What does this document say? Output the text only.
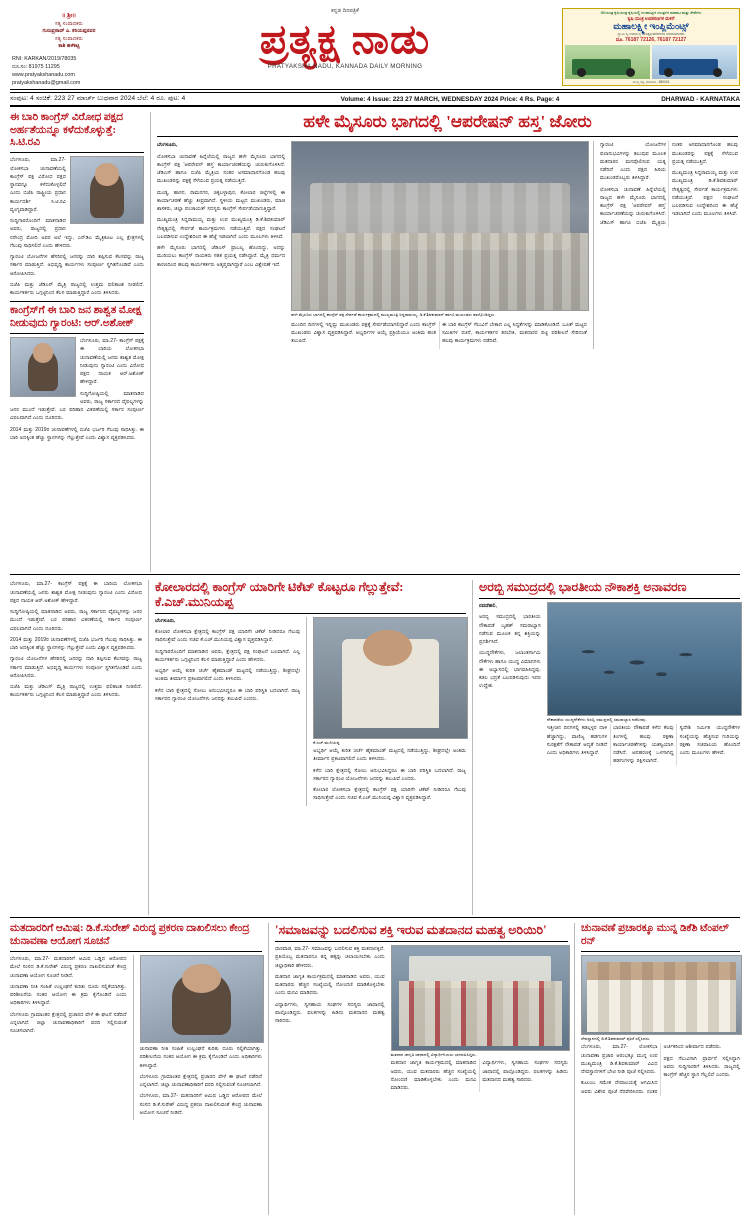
॥ ಶ್ರೀ॥
ಸತ್ಯ ಸಂಪಾದಕರು
ಗುರುಪ್ರಸಾದ್ ಎ. ಕರಿಯಪ್ಪನವರ
ಸತ್ಯ ಸಂಪಾದಕರು
ಕಾಶಿ ಹಳೆಕಟ್ಟಿ
RNI: KARKAN/2019/78035
ದೂ.ಸಂ: 81975 11295
www.pratyakshanadu.com
pratyakshanadu@gmail.com
ಕನ್ನಡ ದಿನಪತ್ರಿಕೆ
ಪ್ರತ್ಯಕ್ಷ ನಾಡು
PRATYAKSHA NADU, KANNADA DAILY MORNING
ಅನಿಯಂತ್ರ ಕೃಷಿಯಂತ್ರ ಕೃಷಿಯಲ್ಲಿ ಗುಣಮಟ್ಟದ ಯಂತ್ರಗಳ ಮಾರಾಟ ಮತ್ತು ಸೇವೆಗಳು
ಕೃಷಿ ಯಂತ್ರ ಉಪಕರಣಗಳ ಮಳಿಗೆ
ಮಹಾಲಕ್ಷ್ಮೀ ಇಂಪ್ಲಿಮೆಂಟ್ಸ್
ಸ್ವಾಮಿ ಸ್ವ ಅವಾದ ಸ್ಥ ಯಂತ್ರೋಪಕರಣಗಳ ಮಾರಾಟಗಾರರು
ದೂ. 76187 72126, 76187 72127
ಮುಖ್ಯ ರಸ್ತೆ, ಧಾರವಾಡ - 580001
ಸಂಪುಟ: 4 ಸಂಚಿಕೆ: 223 27 ಮಾರ್ಚ್ ಬುಧವಾರ 2024 ಬೆಲೆ: 4 ರೂ. ಪುಟ: 4	Volume: 4 Issue: 223 27 MARCH, WEDNESDAY 2024 Price: 4 Rs. Page: 4	DHARWAD - KARNATAKA
ಈ ಬಾರಿ ಕಾಂಗ್ರೆಸ್ ವಿರೋಧ ಪಕ್ಷದ ಅರ್ಹತೆಯನ್ನೂ ಕಳೆದುಕೊಳ್ಳುತ್ತೆ: ಸಿ.ಟಿ.ರವಿ

ಬೆಂಗಳೂರು, ಮಾ.27- ಲೋಕಸಭಾ ಚುನಾವಣೆಯಲ್ಲಿ ಕಾಂಗ್ರೆಸ್ ಪಕ್ಷ ವಿರೋಧ ಪಕ್ಷದ ಸ್ಥಾನವನ್ನೂ ಕಳೆದುಕೊಳ್ಳಲಿದೆ ಎಂದು ಬಿಜೆಪಿ ರಾಷ್ಟ್ರೀಯ ಪ್ರಧಾನ ಕಾರ್ಯದರ್ಶಿ ಸಿ.ಟಿ.ರವಿ ವ್ಯಂಗ್ಯವಾಡಿದ್ದಾರೆ.

ಸುದ್ದಿಗಾರರೊಂದಿಗೆ ಮಾತನಾಡಿದ ಅವರು, ರಾಜ್ಯದಲ್ಲಿ ಪ್ರಧಾನಿ ನರೇಂದ್ರ ಮೋದಿ ಅವರ ಅಲೆ ಇದ್ದು, ಎನ್‌ಡಿಎ ಮೈತ್ರಿಕೂಟ ಎಲ್ಲ ಕ್ಷೇತ್ರಗಳಲ್ಲಿ ಗೆಲುವು ಸಾಧಿಸಲಿದೆ ಎಂದು ಹೇಳಿದರು.

ಗ್ಯಾರಂಟಿ ಯೋಜನೆಗಳ ಹೆಸರಿನಲ್ಲಿ ಜನರನ್ನು ದಾರಿ ತಪ್ಪಿಸುವ ಕೆಲಸವನ್ನು ರಾಜ್ಯ ಸರ್ಕಾರ ಮಾಡುತ್ತಿದೆ. ಅಭಿವೃದ್ಧಿ ಕಾರ್ಯಗಳು ಸಂಪೂರ್ಣ ಸ್ಥಗಿತಗೊಂಡಿವೆ ಎಂದು ಆರೋಪಿಸಿದರು.

ಬಿಜೆಪಿ ಮತ್ತು ಜೆಡಿಎಸ್ ಮೈತ್ರಿ ರಾಜ್ಯದಲ್ಲಿ ಉತ್ತಮ ಫಲಿತಾಂಶ ನೀಡಲಿದೆ. ಕಾರ್ಯಕರ್ತರು ಒಗ್ಗಟ್ಟಿನಿಂದ ಕೆಲಸ ಮಾಡುತ್ತಿದ್ದಾರೆ ಎಂದು ತಿಳಿಸಿದರು.

ಕಾಂಗ್ರೆಸ್‌ಗೆ ಈ ಬಾರಿ ಜನ ಶಾಶ್ವತ ಮೋಕ್ಷ ನೀಡುವುದು ಗ್ಯಾರಂಟಿ: ಆರ್.ಅಶೋಕ್

ಬೆಂಗಳೂರು, ಮಾ.27- ಕಾಂಗ್ರೆಸ್ ಪಕ್ಷಕ್ಕೆ ಈ ಬಾರಿಯ ಲೋಕಸಭಾ ಚುನಾವಣೆಯಲ್ಲಿ ಜನರು ಶಾಶ್ವತ ಮೋಕ್ಷ ನೀಡುವುದು ಗ್ಯಾರಂಟಿ ಎಂದು ವಿರೋಧ ಪಕ್ಷದ ನಾಯಕ ಆರ್.ಅಶೋಕ್ ಹೇಳಿದ್ದಾರೆ.

ಸುದ್ದಿಗೋಷ್ಠಿಯಲ್ಲಿ ಮಾತನಾಡಿದ ಅವರು, ರಾಜ್ಯ ಸರ್ಕಾರದ ವೈಫಲ್ಯಗಳನ್ನು ಜನರ ಮುಂದೆ ಇಡುತ್ತೇವೆ. ಬರ ಪರಿಹಾರ ವಿತರಣೆಯಲ್ಲಿ ಸರ್ಕಾರ ಸಂಪೂರ್ಣ ವಿಫಲವಾಗಿದೆ ಎಂದು ದೂರಿದರು.

2014 ಮತ್ತು 2019ರ ಚುನಾವಣೆಗಳಲ್ಲಿ ಬಿಜೆಪಿ ಭರ್ಜರಿ ಗೆಲುವು ಸಾಧಿಸಿತ್ತು. ಈ ಬಾರಿ ಅದಕ್ಕಿಂತ ಹೆಚ್ಚು ಸ್ಥಾನಗಳನ್ನು ಗೆಲ್ಲುತ್ತೇವೆ ಎಂದು ವಿಶ್ವಾಸ ವ್ಯಕ್ತಪಡಿಸಿದರು.

ಹಳೇ ಮೈಸೂರು ಭಾಗದಲ್ಲಿ 'ಆಪರೇಷನ್ ಹಸ್ತ' ಜೋರು

ಬೆಂಗಳೂರು,

ಲೋಕಸಭಾ ಚುನಾವಣೆ ಹಿನ್ನೆಲೆಯಲ್ಲಿ ರಾಜ್ಯದ ಹಳೇ ಮೈಸೂರು ಭಾಗದಲ್ಲಿ ಕಾಂಗ್ರೆಸ್ ಪಕ್ಷ 'ಆಪರೇಷನ್ ಹಸ್ತ' ಕಾರ್ಯಾಚರಣೆಯನ್ನು ಚುರುಕುಗೊಳಿಸಿದೆ. ಜೆಡಿಎಸ್ ಹಾಗೂ ಬಿಜೆಪಿ ಮೈತ್ರಿಯ ನಂತರ ಅಸಮಾಧಾನಗೊಂಡ ಹಲವು ಮುಖಂಡರನ್ನು ಪಕ್ಷಕ್ಕೆ ಸೆಳೆಯುವ ಪ್ರಯತ್ನ ನಡೆಯುತ್ತಿದೆ.

ಮಂಡ್ಯ, ಹಾಸನ, ರಾಮನಗರ, ಚಿಕ್ಕಬಳ್ಳಾಪುರ, ಕೋಲಾರ ಜಿಲ್ಲೆಗಳಲ್ಲಿ ಈ ಕಾರ್ಯಾಚರಣೆ ಹೆಚ್ಚು ತೀವ್ರವಾಗಿದೆ. ಸ್ಥಳೀಯ ಮಟ್ಟದ ಮುಖಂಡರು, ಮಾಜಿ ಶಾಸಕರು, ಜಿಲ್ಲಾ ಪಂಚಾಯತ್ ಸದಸ್ಯರು ಕಾಂಗ್ರೆಸ್ ಸೇರ್ಪಡೆಯಾಗುತ್ತಿದ್ದಾರೆ.

ಮುಖ್ಯಮಂತ್ರಿ ಸಿದ್ದರಾಮಯ್ಯ ಮತ್ತು ಉಪ ಮುಖ್ಯಮಂತ್ರಿ ಡಿ.ಕೆ.ಶಿವಕುಮಾರ್ ನೇತೃತ್ವದಲ್ಲಿ ಸೇರ್ಪಡೆ ಕಾರ್ಯಕ್ರಮಗಳು ನಡೆಯುತ್ತಿವೆ. ಪಕ್ಷದ ಸಂಘಟನೆ ಬಲಪಡಿಸುವ ಉದ್ದೇಶದಿಂದ ಈ ಹೆಜ್ಜೆ ಇಡಲಾಗಿದೆ ಎಂದು ಮೂಲಗಳು ತಿಳಿಸಿವೆ.

ಹಳೇ ಮೈಸೂರು ಭಾಗದಲ್ಲಿ ಜೆಡಿಎಸ್ ಪ್ರಾಬಲ್ಯ ಹೊಂದಿದ್ದು, ಅದನ್ನು ಮುರಿಯಲು ಕಾಂಗ್ರೆಸ್ ನಾಯಕರು ಸತತ ಪ್ರಯತ್ನ ನಡೆಸಿದ್ದಾರೆ. ಮೈತ್ರಿ ಧರ್ಮದ ಕಾರಣದಿಂದ ಹಲವು ಕಾರ್ಯಕರ್ತರು ಅತೃಪ್ತರಾಗಿದ್ದಾರೆ ಎಂಬ ವಿಶ್ಲೇಷಣೆ ಇದೆ.

ಹಳೇ ಮೈಸೂರು ಭಾಗದಲ್ಲಿ ಕಾಂಗ್ರೆಸ್ ಪಕ್ಷ ಸೇರ್ಪಡೆ ಕಾರ್ಯಕ್ರಮದಲ್ಲಿ ಮುಖ್ಯಮಂತ್ರಿ ಸಿದ್ದರಾಮಯ್ಯ, ಡಿ.ಕೆ.ಶಿವಕುಮಾರ್ ಹಾಗೂ ಮುಖಂಡರು ಪಾಲ್ಗೊಂಡಿದ್ದರು.

ಮುಂದಿನ ದಿನಗಳಲ್ಲಿ ಇನ್ನಷ್ಟು ಮುಖಂಡರು ಪಕ್ಷಕ್ಕೆ ಸೇರ್ಪಡೆಯಾಗಲಿದ್ದಾರೆ ಎಂದು ಕಾಂಗ್ರೆಸ್ ಮುಖಂಡರು ವಿಶ್ವಾಸ ವ್ಯಕ್ತಪಡಿಸಿದ್ದಾರೆ. ಅಭ್ಯರ್ಥಿಗಳ ಆಯ್ಕೆ ಪ್ರಕ್ರಿಯೆಯೂ ಅಂತಿಮ ಹಂತ ತಲುಪಿದೆ.

ಈ ಬಾರಿ ಕಾಂಗ್ರೆಸ್ ಗೆಲುವಿಗೆ ಬೇಕಾದ ಎಲ್ಲ ಸಿದ್ಧತೆಗಳನ್ನು ಮಾಡಿಕೊಂಡಿದೆ. ಬೂತ್ ಮಟ್ಟದ ಸಮಿತಿಗಳ ರಚನೆ, ಕಾರ್ಯಕರ್ತರ ತರಬೇತಿ, ಮತದಾರರ ಪಟ್ಟಿ ಪರಿಶೀಲನೆ ಸೇರಿದಂತೆ ಹಲವು ಕಾರ್ಯಕ್ರಮಗಳು ನಡೆದಿವೆ.

ಗ್ಯಾರಂಟಿ ಯೋಜನೆಗಳ ಫಲಾನುಭವಿಗಳನ್ನು ತಲುಪುವ ಮೂಲಕ ಮತದಾರರ ಮನವೊಲಿಸುವ ಯತ್ನ ನಡೆದಿದೆ ಎಂದು ಪಕ್ಷದ ಹಿರಿಯ ಮುಖಂಡರೊಬ್ಬರು ತಿಳಿಸಿದ್ದಾರೆ.

ಲೋಕಸಭಾ ಚುನಾವಣೆ ಹಿನ್ನೆಲೆಯಲ್ಲಿ ರಾಜ್ಯದ ಹಳೇ ಮೈಸೂರು ಭಾಗದಲ್ಲಿ ಕಾಂಗ್ರೆಸ್ ಪಕ್ಷ 'ಆಪರೇಷನ್ ಹಸ್ತ' ಕಾರ್ಯಾಚರಣೆಯನ್ನು ಚುರುಕುಗೊಳಿಸಿದೆ. ಜೆಡಿಎಸ್ ಹಾಗೂ ಬಿಜೆಪಿ ಮೈತ್ರಿಯ ನಂತರ ಅಸಮಾಧಾನಗೊಂಡ ಹಲವು ಮುಖಂಡರನ್ನು ಪಕ್ಷಕ್ಕೆ ಸೆಳೆಯುವ ಪ್ರಯತ್ನ ನಡೆಯುತ್ತಿದೆ.

ಮುಖ್ಯಮಂತ್ರಿ ಸಿದ್ದರಾಮಯ್ಯ ಮತ್ತು ಉಪ ಮುಖ್ಯಮಂತ್ರಿ ಡಿ.ಕೆ.ಶಿವಕುಮಾರ್ ನೇತೃತ್ವದಲ್ಲಿ ಸೇರ್ಪಡೆ ಕಾರ್ಯಕ್ರಮಗಳು ನಡೆಯುತ್ತಿವೆ. ಪಕ್ಷದ ಸಂಘಟನೆ ಬಲಪಡಿಸುವ ಉದ್ದೇಶದಿಂದ ಈ ಹೆಜ್ಜೆ ಇಡಲಾಗಿದೆ ಎಂದು ಮೂಲಗಳು ತಿಳಿಸಿವೆ.

ಬೆಂಗಳೂರು, ಮಾ.27- ಕಾಂಗ್ರೆಸ್ ಪಕ್ಷಕ್ಕೆ ಈ ಬಾರಿಯ ಲೋಕಸಭಾ ಚುನಾವಣೆಯಲ್ಲಿ ಜನರು ಶಾಶ್ವತ ಮೋಕ್ಷ ನೀಡುವುದು ಗ್ಯಾರಂಟಿ ಎಂದು ವಿರೋಧ ಪಕ್ಷದ ನಾಯಕ ಆರ್.ಅಶೋಕ್ ಹೇಳಿದ್ದಾರೆ.

ಸುದ್ದಿಗೋಷ್ಠಿಯಲ್ಲಿ ಮಾತನಾಡಿದ ಅವರು, ರಾಜ್ಯ ಸರ್ಕಾರದ ವೈಫಲ್ಯಗಳನ್ನು ಜನರ ಮುಂದೆ ಇಡುತ್ತೇವೆ. ಬರ ಪರಿಹಾರ ವಿತರಣೆಯಲ್ಲಿ ಸರ್ಕಾರ ಸಂಪೂರ್ಣ ವಿಫಲವಾಗಿದೆ ಎಂದು ದೂರಿದರು.

2014 ಮತ್ತು 2019ರ ಚುನಾವಣೆಗಳಲ್ಲಿ ಬಿಜೆಪಿ ಭರ್ಜರಿ ಗೆಲುವು ಸಾಧಿಸಿತ್ತು. ಈ ಬಾರಿ ಅದಕ್ಕಿಂತ ಹೆಚ್ಚು ಸ್ಥಾನಗಳನ್ನು ಗೆಲ್ಲುತ್ತೇವೆ ಎಂದು ವಿಶ್ವಾಸ ವ್ಯಕ್ತಪಡಿಸಿದರು.

ಗ್ಯಾರಂಟಿ ಯೋಜನೆಗಳ ಹೆಸರಿನಲ್ಲಿ ಜನರನ್ನು ದಾರಿ ತಪ್ಪಿಸುವ ಕೆಲಸವನ್ನು ರಾಜ್ಯ ಸರ್ಕಾರ ಮಾಡುತ್ತಿದೆ. ಅಭಿವೃದ್ಧಿ ಕಾರ್ಯಗಳು ಸಂಪೂರ್ಣ ಸ್ಥಗಿತಗೊಂಡಿವೆ ಎಂದು ಆರೋಪಿಸಿದರು.

ಬಿಜೆಪಿ ಮತ್ತು ಜೆಡಿಎಸ್ ಮೈತ್ರಿ ರಾಜ್ಯದಲ್ಲಿ ಉತ್ತಮ ಫಲಿತಾಂಶ ನೀಡಲಿದೆ. ಕಾರ್ಯಕರ್ತರು ಒಗ್ಗಟ್ಟಿನಿಂದ ಕೆಲಸ ಮಾಡುತ್ತಿದ್ದಾರೆ ಎಂದು ತಿಳಿಸಿದರು.

ಕೋಲಾರದಲ್ಲಿ ಕಾಂಗ್ರೆಸ್ ಯಾರಿಗೇ ಟಿಕೆಟ್ ಕೊಟ್ಟರೂ ಗೆಲ್ಲುತ್ತೇವೆ: ಕೆ.ಎಚ್.ಮುನಿಯಪ್ಪ

ಬೆಂಗಳೂರು,

ಕೋಲಾರ ಲೋಕಸಭಾ ಕ್ಷೇತ್ರದಲ್ಲಿ ಕಾಂಗ್ರೆಸ್ ಪಕ್ಷ ಯಾರಿಗೇ ಟಿಕೆಟ್ ನೀಡಿದರೂ ಗೆಲುವು ಸಾಧಿಸುತ್ತೇವೆ ಎಂದು ಸಚಿವ ಕೆ.ಎಚ್.ಮುನಿಯಪ್ಪ ವಿಶ್ವಾಸ ವ್ಯಕ್ತಪಡಿಸಿದ್ದಾರೆ.

ಸುದ್ದಿಗಾರರೊಂದಿಗೆ ಮಾತನಾಡಿದ ಅವರು, ಕ್ಷೇತ್ರದಲ್ಲಿ ಪಕ್ಷ ಸಂಘಟನೆ ಬಲವಾಗಿದೆ. ಎಲ್ಲ ಕಾರ್ಯಕರ್ತರು ಒಗ್ಗಟ್ಟಿನಿಂದ ಕೆಲಸ ಮಾಡುತ್ತಿದ್ದಾರೆ ಎಂದು ಹೇಳಿದರು.

ಅಭ್ಯರ್ಥಿ ಆಯ್ಕೆ ಕುರಿತ ಚರ್ಚೆ ಹೈಕಮಾಂಡ್ ಮಟ್ಟದಲ್ಲಿ ನಡೆಯುತ್ತಿದ್ದು, ಶೀಘ್ರದಲ್ಲೇ ಅಂತಿಮ ತೀರ್ಮಾನ ಪ್ರಕಟವಾಗಲಿದೆ ಎಂದು ತಿಳಿಸಿದರು.

ಕಳೆದ ಬಾರಿ ಕ್ಷೇತ್ರದಲ್ಲಿ ಸೋಲು ಅನುಭವಿಸಿದ್ದರೂ ಈ ಬಾರಿ ಪರಿಸ್ಥಿತಿ ಬದಲಾಗಿದೆ. ರಾಜ್ಯ ಸರ್ಕಾರದ ಗ್ಯಾರಂಟಿ ಯೋಜನೆಗಳು ಜನರನ್ನು ತಲುಪಿವೆ ಎಂದರು.

ಕೆ.ಎಚ್.ಮುನಿಯಪ್ಪ

ಅಭ್ಯರ್ಥಿ ಆಯ್ಕೆ ಕುರಿತ ಚರ್ಚೆ ಹೈಕಮಾಂಡ್ ಮಟ್ಟದಲ್ಲಿ ನಡೆಯುತ್ತಿದ್ದು, ಶೀಘ್ರದಲ್ಲೇ ಅಂತಿಮ ತೀರ್ಮಾನ ಪ್ರಕಟವಾಗಲಿದೆ ಎಂದು ತಿಳಿಸಿದರು.

ಕಳೆದ ಬಾರಿ ಕ್ಷೇತ್ರದಲ್ಲಿ ಸೋಲು ಅನುಭವಿಸಿದ್ದರೂ ಈ ಬಾರಿ ಪರಿಸ್ಥಿತಿ ಬದಲಾಗಿದೆ. ರಾಜ್ಯ ಸರ್ಕಾರದ ಗ್ಯಾರಂಟಿ ಯೋಜನೆಗಳು ಜನರನ್ನು ತಲುಪಿವೆ ಎಂದರು.

ಕೋಲಾರ ಲೋಕಸಭಾ ಕ್ಷೇತ್ರದಲ್ಲಿ ಕಾಂಗ್ರೆಸ್ ಪಕ್ಷ ಯಾರಿಗೇ ಟಿಕೆಟ್ ನೀಡಿದರೂ ಗೆಲುವು ಸಾಧಿಸುತ್ತೇವೆ ಎಂದು ಸಚಿವ ಕೆ.ಎಚ್.ಮುನಿಯಪ್ಪ ವಿಶ್ವಾಸ ವ್ಯಕ್ತಪಡಿಸಿದ್ದಾರೆ.

ಅರಬ್ಬಿ ಸಮುದ್ರದಲ್ಲಿ ಭಾರತೀಯ ನೌಕಾಶಕ್ತಿ ಅನಾವರಣ

ನವದೆಹಲಿ,

ಅರಬ್ಬಿ ಸಮುದ್ರದಲ್ಲಿ ಭಾರತೀಯ ನೌಕಾಪಡೆ ಬೃಹತ್ ಸಮರಾಭ್ಯಾಸ ನಡೆಸುವ ಮೂಲಕ ತನ್ನ ಶಕ್ತಿಯನ್ನು ಪ್ರದರ್ಶಿಸಿದೆ.

ಯುದ್ಧನೌಕೆಗಳು, ಜಲಾಂತರ್ಗಾಮಿ ನೌಕೆಗಳು ಹಾಗೂ ಯುದ್ಧ ವಿಮಾನಗಳು ಈ ಅಭ್ಯಾಸದಲ್ಲಿ ಭಾಗವಹಿಸಿದ್ದವು. ಕಡಲ ಭದ್ರತೆ ಬಲಪಡಿಸುವುದು ಇದರ ಉದ್ದೇಶ.

ನೌಕಾಪಡೆಯ ಯುದ್ಧನೌಕೆಗಳು ಅರಬ್ಬಿ ಸಮುದ್ರದಲ್ಲಿ ಸಮರಾಭ್ಯಾಸ ನಡೆಸಿದವು.

ಇತ್ತೀಚಿನ ದಿನಗಳಲ್ಲಿ ಕಡಲ್ಗಳ್ಳರ ದಾಳಿ ಹೆಚ್ಚಾಗಿದ್ದು, ವಾಣಿಜ್ಯ ಹಡಗುಗಳ ಸುರಕ್ಷತೆಗೆ ನೌಕಾಪಡೆ ಆದ್ಯತೆ ನೀಡಿದೆ ಎಂದು ಅಧಿಕಾರಿಗಳು ತಿಳಿಸಿದ್ದಾರೆ.

ಭಾರತೀಯ ನೌಕಾಪಡೆ ಕಳೆದ ಕೆಲವು ತಿಂಗಳಲ್ಲಿ ಹಲವು ರಕ್ಷಣಾ ಕಾರ್ಯಾಚರಣೆಗಳನ್ನು ಯಶಸ್ವಿಯಾಗಿ ನಡೆಸಿದೆ. ಅಪಹರಣಕ್ಕೆ ಒಳಗಾಗಿದ್ದ ಹಡಗುಗಳನ್ನು ರಕ್ಷಿಸಲಾಗಿದೆ.

ಸ್ವದೇಶಿ ನಿರ್ಮಿತ ಯುದ್ಧನೌಕೆಗಳ ಸಂಖ್ಯೆಯನ್ನು ಹೆಚ್ಚಿಸುವ ಗುರಿಯನ್ನು ರಕ್ಷಣಾ ಸಚಿವಾಲಯ ಹೊಂದಿದೆ ಎಂದು ಮೂಲಗಳು ಹೇಳಿವೆ.

ಮತದಾರರಿಗೆ ಆಮಿಷ: ಡಿ.ಕೆ.ಸುರೇಶ್ ವಿರುದ್ಧ ಪ್ರಕರಣ ದಾಖಲಿಸಲು ಕೇಂದ್ರ ಚುನಾವಣಾ ಆಯೋಗ ಸೂಚನೆ

ಬೆಂಗಳೂರು, ಮಾ.27- ಮತದಾರರಿಗೆ ಆಮಿಷ ಒಡ್ಡಿದ ಆರೋಪದ ಮೇಲೆ ಸಂಸದ ಡಿ.ಕೆ.ಸುರೇಶ್ ವಿರುದ್ಧ ಪ್ರಕರಣ ದಾಖಲಿಸುವಂತೆ ಕೇಂದ್ರ ಚುನಾವಣಾ ಆಯೋಗ ಸೂಚನೆ ನೀಡಿದೆ.

ಚುನಾವಣಾ ನೀತಿ ಸಂಹಿತೆ ಉಲ್ಲಂಘನೆ ಕುರಿತು ದೂರು ಸಲ್ಲಿಕೆಯಾಗಿತ್ತು. ಪರಿಶೀಲನೆಯ ನಂತರ ಆಯೋಗ ಈ ಕ್ರಮ ಕೈಗೊಂಡಿದೆ ಎಂದು ಅಧಿಕಾರಿಗಳು ತಿಳಿಸಿದ್ದಾರೆ.

ಬೆಂಗಳೂರು ಗ್ರಾಮಾಂತರ ಕ್ಷೇತ್ರದಲ್ಲಿ ಪ್ರಚಾರದ ವೇಳೆ ಈ ಘಟನೆ ನಡೆದಿದೆ ಎನ್ನಲಾಗಿದೆ. ಜಿಲ್ಲಾ ಚುನಾವಣಾಧಿಕಾರಿಗೆ ವರದಿ ಸಲ್ಲಿಸುವಂತೆ ಸೂಚಿಸಲಾಗಿದೆ.

ಚುನಾವಣಾ ನೀತಿ ಸಂಹಿತೆ ಉಲ್ಲಂಘನೆ ಕುರಿತು ದೂರು ಸಲ್ಲಿಕೆಯಾಗಿತ್ತು. ಪರಿಶೀಲನೆಯ ನಂತರ ಆಯೋಗ ಈ ಕ್ರಮ ಕೈಗೊಂಡಿದೆ ಎಂದು ಅಧಿಕಾರಿಗಳು ತಿಳಿಸಿದ್ದಾರೆ.

ಬೆಂಗಳೂರು ಗ್ರಾಮಾಂತರ ಕ್ಷೇತ್ರದಲ್ಲಿ ಪ್ರಚಾರದ ವೇಳೆ ಈ ಘಟನೆ ನಡೆದಿದೆ ಎನ್ನಲಾಗಿದೆ. ಜಿಲ್ಲಾ ಚುನಾವಣಾಧಿಕಾರಿಗೆ ವರದಿ ಸಲ್ಲಿಸುವಂತೆ ಸೂಚಿಸಲಾಗಿದೆ.

ಬೆಂಗಳೂರು, ಮಾ.27- ಮತದಾರರಿಗೆ ಆಮಿಷ ಒಡ್ಡಿದ ಆರೋಪದ ಮೇಲೆ ಸಂಸದ ಡಿ.ಕೆ.ಸುರೇಶ್ ವಿರುದ್ಧ ಪ್ರಕರಣ ದಾಖಲಿಸುವಂತೆ ಕೇಂದ್ರ ಚುನಾವಣಾ ಆಯೋಗ ಸೂಚನೆ ನೀಡಿದೆ.

'ಸಮಾಜವನ್ನು ಬದಲಿಸುವ ಶಕ್ತಿ ಇರುವ ಮತದಾನದ ಮಹತ್ವ ಅರಿಯಿರಿ'

ಧಾರವಾಡ, ಮಾ.27- ಸಮಾಜವನ್ನು ಬದಲಿಸುವ ಶಕ್ತಿ ಮತದಾನಕ್ಕಿದೆ. ಪ್ರತಿಯೊಬ್ಬ ಮತದಾರನೂ ತನ್ನ ಹಕ್ಕನ್ನು ಚಲಾಯಿಸಬೇಕು ಎಂದು ಜಿಲ್ಲಾಧಿಕಾರಿ ಹೇಳಿದರು.

ಮತದಾನ ಜಾಗೃತಿ ಕಾರ್ಯಕ್ರಮದಲ್ಲಿ ಮಾತನಾಡಿದ ಅವರು, ಯುವ ಮತದಾರರು ಹೆಚ್ಚಿನ ಸಂಖ್ಯೆಯಲ್ಲಿ ನೋಂದಣಿ ಮಾಡಿಕೊಳ್ಳಬೇಕು ಎಂದು ಮನವಿ ಮಾಡಿದರು.

ವಿದ್ಯಾರ್ಥಿಗಳು, ಸ್ವಸಹಾಯ ಸಂಘಗಳ ಸದಸ್ಯರು ಜಾಥಾದಲ್ಲಿ ಪಾಲ್ಗೊಂಡಿದ್ದರು. ಫಲಕಗಳನ್ನು ಹಿಡಿದು ಮತದಾನದ ಮಹತ್ವ ಸಾರಿದರು.

ಮತದಾನ ಜಾಗೃತಿ ಜಾಥಾದಲ್ಲಿ ವಿದ್ಯಾರ್ಥಿನಿಯರು ಭಾಗವಹಿಸಿದ್ದರು.

ಮತದಾನ ಜಾಗೃತಿ ಕಾರ್ಯಕ್ರಮದಲ್ಲಿ ಮಾತನಾಡಿದ ಅವರು, ಯುವ ಮತದಾರರು ಹೆಚ್ಚಿನ ಸಂಖ್ಯೆಯಲ್ಲಿ ನೋಂದಣಿ ಮಾಡಿಕೊಳ್ಳಬೇಕು ಎಂದು ಮನವಿ ಮಾಡಿದರು.

ವಿದ್ಯಾರ್ಥಿಗಳು, ಸ್ವಸಹಾಯ ಸಂಘಗಳ ಸದಸ್ಯರು ಜಾಥಾದಲ್ಲಿ ಪಾಲ್ಗೊಂಡಿದ್ದರು. ಫಲಕಗಳನ್ನು ಹಿಡಿದು ಮತದಾನದ ಮಹತ್ವ ಸಾರಿದರು.

ಚುನಾವಣೆ ಪ್ರಚಾರಕ್ಕೂ ಮುನ್ನ ಡಿಕೆಶಿ ಟೆಂಪಲ್ ರನ್
ದೇವಸ್ಥಾನದಲ್ಲಿ ಡಿ.ಕೆ.ಶಿವಕುಮಾರ್ ಪೂಜೆ ಸಲ್ಲಿಸಿದರು.

ಬೆಂಗಳೂರು, ಮಾ.27- ಲೋಕಸಭಾ ಚುನಾವಣಾ ಪ್ರಚಾರ ಆರಂಭಕ್ಕೂ ಮುನ್ನ ಉಪ ಮುಖ್ಯಮಂತ್ರಿ ಡಿ.ಕೆ.ಶಿವಕುಮಾರ್ ವಿವಿಧ ದೇವಸ್ಥಾನಗಳಿಗೆ ಭೇಟಿ ನೀಡಿ ಪೂಜೆ ಸಲ್ಲಿಸಿದರು.

ಕುಟುಂಬ ಸಮೇತ ದೇವಾಲಯಕ್ಕೆ ಆಗಮಿಸಿದ ಅವರು ವಿಶೇಷ ಪೂಜೆ ನೆರವೇರಿಸಿದರು. ನಂತರ ಅರ್ಚಕರಿಂದ ಆಶೀರ್ವಾದ ಪಡೆದರು.

ಪಕ್ಷದ ಗೆಲುವಿಗಾಗಿ ಪ್ರಾರ್ಥನೆ ಸಲ್ಲಿಸಿದ್ದಾಗಿ ಅವರು ಸುದ್ದಿಗಾರರಿಗೆ ತಿಳಿಸಿದರು. ರಾಜ್ಯದಲ್ಲಿ ಕಾಂಗ್ರೆಸ್ ಹೆಚ್ಚಿನ ಸ್ಥಾನ ಗೆಲ್ಲಲಿದೆ ಎಂದರು.
